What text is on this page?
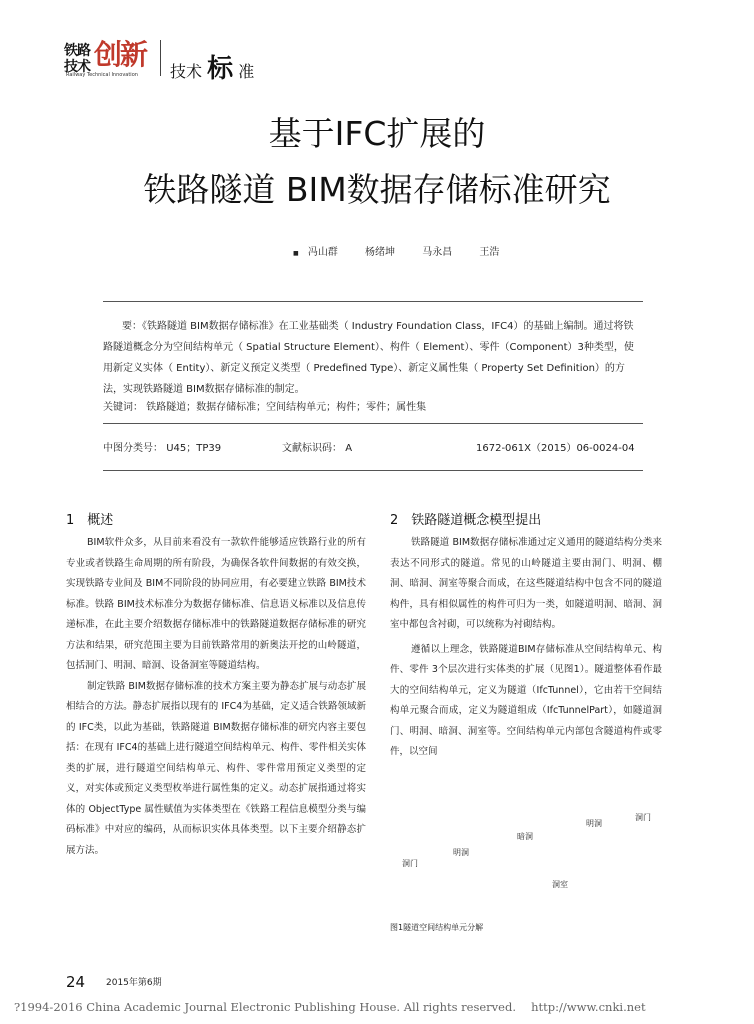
铁路
技术 创新
Railway Technical Innovation 技术 标 准
基于IFC扩展的
铁路隧道 BIM数据存储标准研究
■ 冯山群	杨绪坤	马永昌	王浩

要：《铁路隧道 BIM数据存储标准》在工业基础类（ Industry Foundation Class，IFC4）的基础上编制。通过将铁路隧道概念分为空间结构单元（ Spatial Structure Element）、构件（ Element）、零件（Component）3种类型，使用新定义实体（ Entity）、新定义预定义类型（ Predefined Type）、新定义属性集（ Property Set Definition）的方法，实现铁路隧道 BIM数据存储标准的制定。

关键词： 铁路隧道；数据存储标准；空间结构单元；构件；零件；属性集
中图分类号： U45；TP39	文献标识码： A	1672-061X（2015）06-0024-04
1　概述

BIM软件众多，从目前来看没有一款软件能够适应铁路行业的所有专业或者铁路生命周期的所有阶段，为确保各软件间数据的有效交换，实现铁路专业间及 BIM不同阶段的协同应用，有必要建立铁路 BIM技术标准。铁路 BIM技术标准分为数据存储标准、信息语义标准以及信息传递标准，在此主要介绍数据存储标准中的铁路隧道数据存储标准的研究方法和结果，研究范围主要为目前铁路常用的新奥法开挖的山岭隧道，包括洞门、明洞、暗洞、设备洞室等隧道结构。

制定铁路 BIM数据存储标准的技术方案主要为静态扩展与动态扩展相结合的方法。静态扩展指以现有的 IFC4为基础，定义适合铁路领域新的 IFC类，以此为基础，铁路隧道 BIM数据存储标准的研究内容主要包括：在现有 IFC4的基础上进行隧道空间结构单元、构件、零件相关实体类的扩展，进行隧道空间结构单元、构件、零件常用预定义类型的定义，对实体或预定义类型枚举进行属性集的定义。动态扩展指通过将实体的 ObjectType 属性赋值为实体类型在《铁路工程信息模型分类与编码标准》中对应的编码，从而标识实体具体类型。以下主要介绍静态扩展方法。

2　铁路隧道概念模型提出

铁路隧道 BIM数据存储标准通过定义通用的隧道结构分类来表达不同形式的隧道。常见的山岭隧道主要由洞门、明洞、棚洞、暗洞、洞室等聚合而成，在这些隧道结构中包含不同的隧道构件，具有相似属性的构件可归为一类，如隧道明洞、暗洞、洞室中都包含衬砌，可以统称为衬砌结构。

遵循以上理念，铁路隧道BIM存储标准从空间结构单元、构件、零件 3个层次进行实体类的扩展（见图1）。隧道整体看作最大的空间结构单元，定义为隧道（IfcTunnel），它由若干空间结构单元聚合而成，定义为隧道组成（IfcTunnelPart），如隧道洞门、明洞、暗洞、洞室等。空间结构单元内部包含隧道构件或零件，以空间

洞门
明洞
暗洞
明洞
洞门
洞室
图1隧道空间结构单元分解
24 2015年第6期
?1994-2016 China Academic Journal Electronic Publishing House. All rights reserved.　 http://www.cnki.net
